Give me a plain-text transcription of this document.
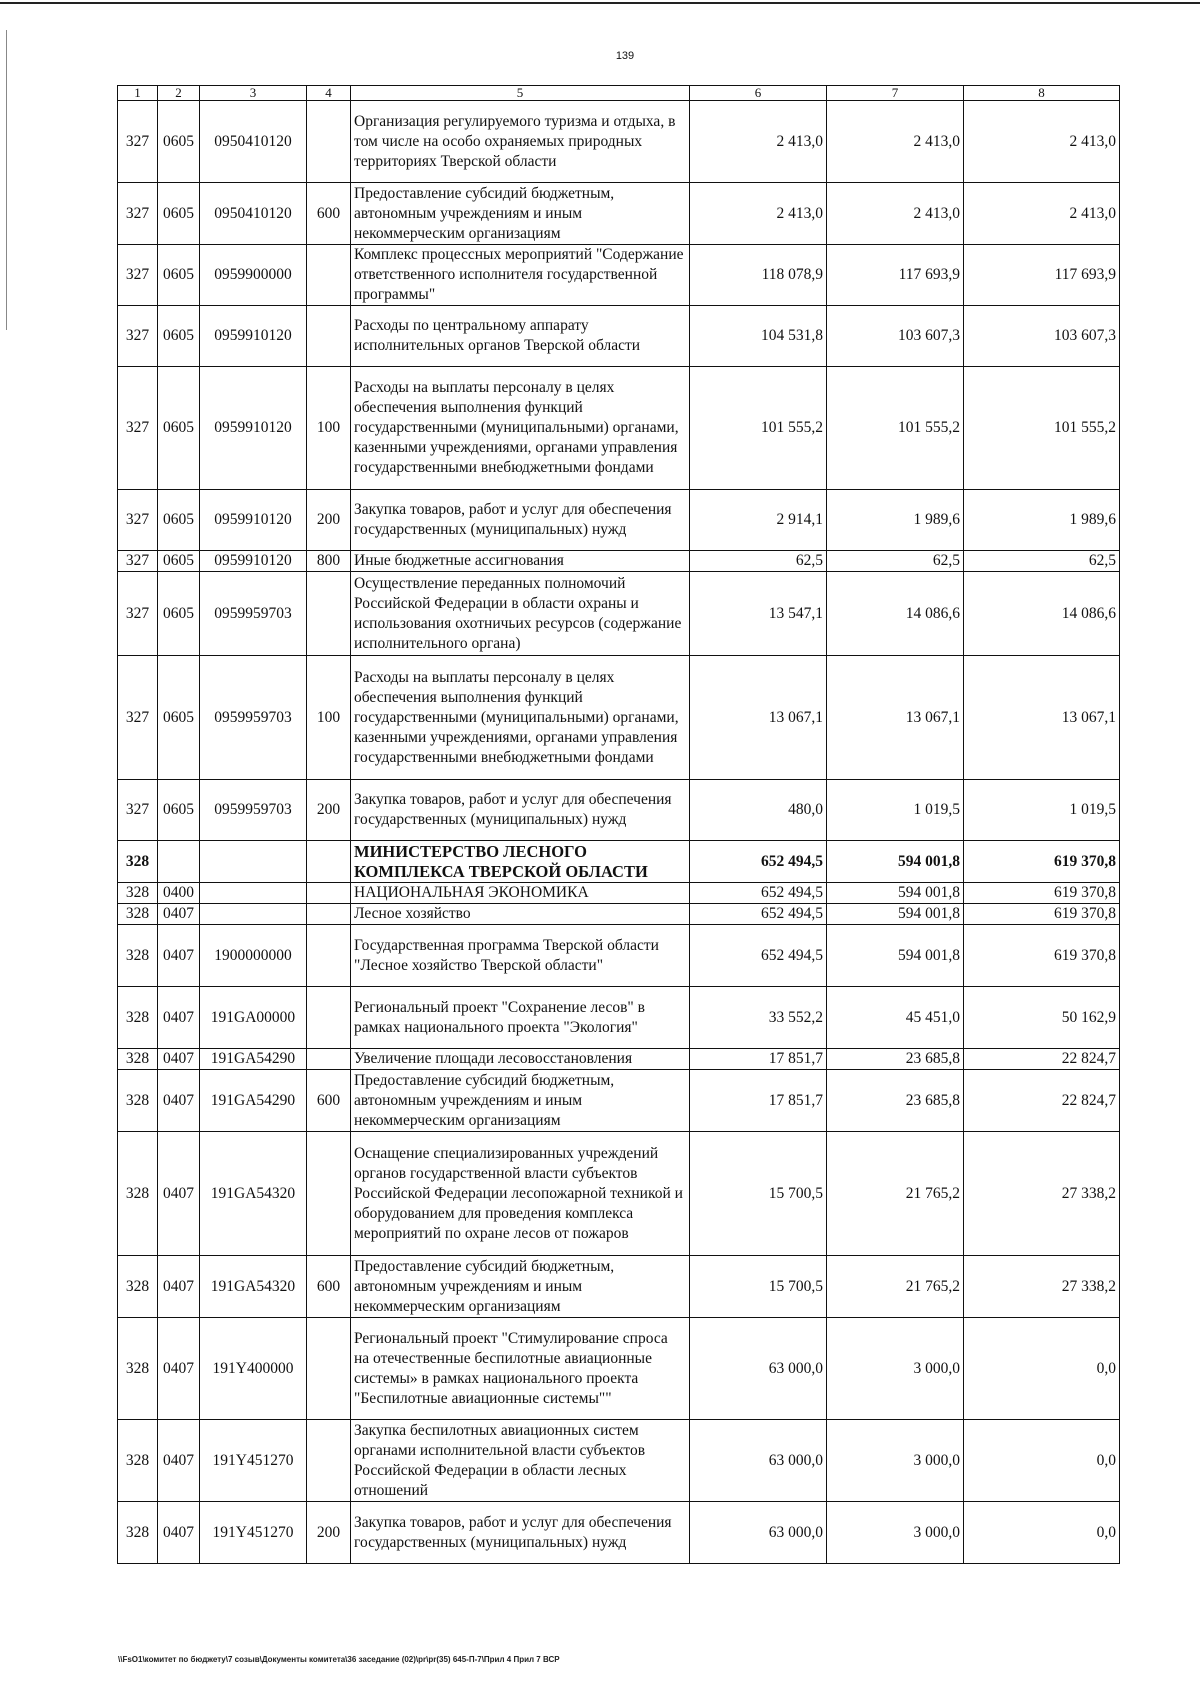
139
1	2	3	4	5	6	7	8
327	0605	0950410120		Организация регулируемого туризма и отдыха, в том числе на особо охраняемых природных территориях Тверской области	2 413,0	2 413,0	2 413,0
327	0605	0950410120	600	Предоставление субсидий бюджетным, автономным учреждениям и иным некоммерческим организациям	2 413,0	2 413,0	2 413,0
327	0605	0959900000		Комплекс процессных мероприятий "Содержание ответственного исполнителя государственной программы"	118 078,9	117 693,9	117 693,9
327	0605	0959910120		Расходы по центральному аппарату исполнительных органов Тверской области	104 531,8	103 607,3	103 607,3
327	0605	0959910120	100	Расходы на выплаты персоналу в целях обеспечения выполнения функций государственными (муниципальными) органами, казенными учреждениями, органами управления государственными внебюджетными фондами	101 555,2	101 555,2	101 555,2
327	0605	0959910120	200	Закупка товаров, работ и услуг для обеспечения государственных (муниципальных) нужд	2 914,1	1 989,6	1 989,6
327	0605	0959910120	800	Иные бюджетные ассигнования	62,5	62,5	62,5
327	0605	0959959703		Осуществление переданных полномочий Российской Федерации в области охраны и использования охотничьих ресурсов (содержание исполнительного органа)	13 547,1	14 086,6	14 086,6
327	0605	0959959703	100	Расходы на выплаты персоналу в целях обеспечения выполнения функций государственными (муниципальными) органами, казенными учреждениями, органами управления государственными внебюджетными фондами	13 067,1	13 067,1	13 067,1
327	0605	0959959703	200	Закупка товаров, работ и услуг для обеспечения государственных (муниципальных) нужд	480,0	1 019,5	1 019,5
328				МИНИСТЕРСТВО ЛЕСНОГО КОМПЛЕКСА ТВЕРСКОЙ ОБЛАСТИ	652 494,5	594 001,8	619 370,8
328	0400			НАЦИОНАЛЬНАЯ ЭКОНОМИКА	652 494,5	594 001,8	619 370,8
328	0407			Лесное хозяйство	652 494,5	594 001,8	619 370,8
328	0407	1900000000		Государственная программа Тверской области "Лесное хозяйство Тверской области"	652 494,5	594 001,8	619 370,8
328	0407	191GA00000		Региональный проект "Сохранение лесов" в рамках национального проекта "Экология"	33 552,2	45 451,0	50 162,9
328	0407	191GA54290		Увеличение площади лесовосстановления	17 851,7	23 685,8	22 824,7
328	0407	191GA54290	600	Предоставление субсидий бюджетным, автономным учреждениям и иным некоммерческим организациям	17 851,7	23 685,8	22 824,7
328	0407	191GA54320		Оснащение специализированных учреждений органов государственной власти субъектов Российской Федерации лесопожарной техникой и оборудованием для проведения комплекса мероприятий по охране лесов от пожаров	15 700,5	21 765,2	27 338,2
328	0407	191GA54320	600	Предоставление субсидий бюджетным, автономным учреждениям и иным некоммерческим организациям	15 700,5	21 765,2	27 338,2
328	0407	191Y400000		Региональный проект "Стимулирование спроса на отечественные беспилотные авиационные системы» в рамках национального проекта "Беспилотные авиационные системы""	63 000,0	3 000,0	0,0
328	0407	191Y451270		Закупка беспилотных авиационных систем органами исполнительной власти субъектов Российской Федерации в области лесных отношений	63 000,0	3 000,0	0,0
328	0407	191Y451270	200	Закупка товаров, работ и услуг для обеспечения государственных (муниципальных) нужд	63 000,0	3 000,0	0,0
\\FsO1\комитет по бюджету\7 созыв\Документы комитета\36 заседание (02)\pr\pr(35) 645-П-7\Прил 4 Прил 7 ВСР
